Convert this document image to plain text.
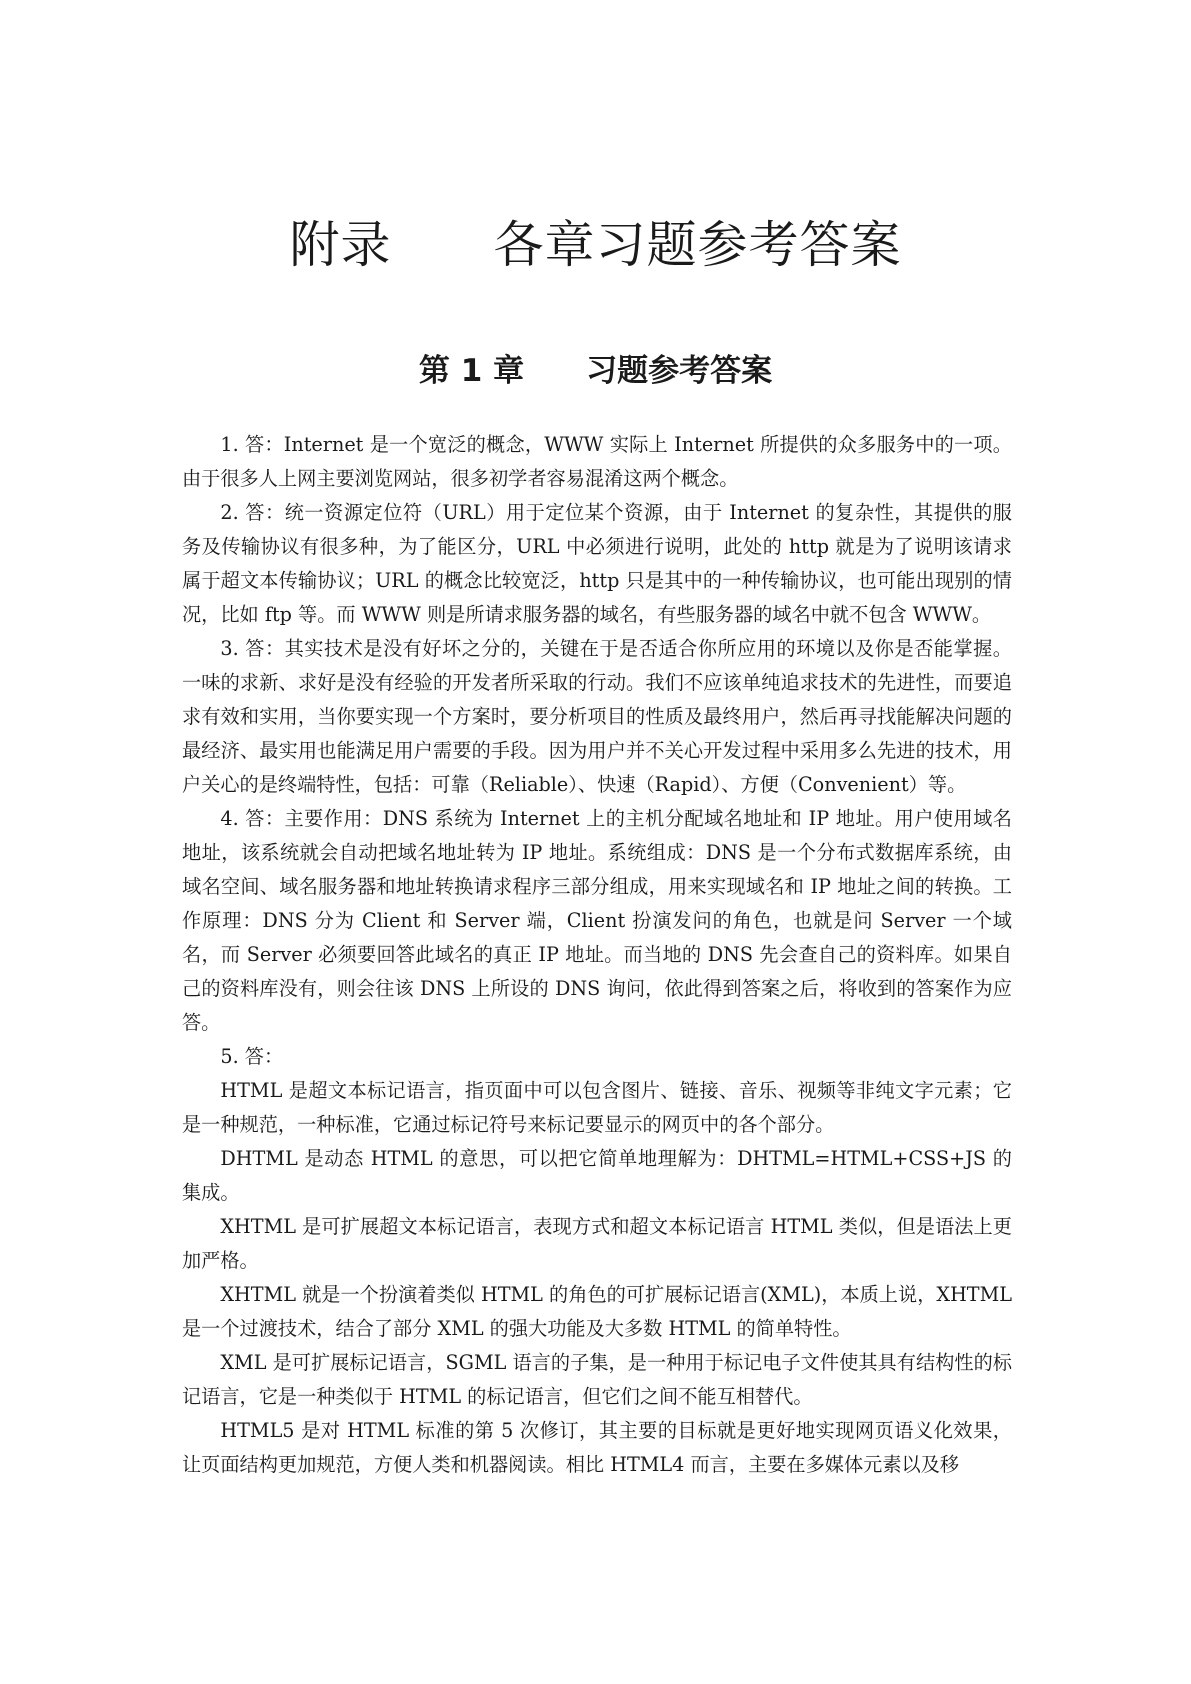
附录　　各章习题参考答案
第 1 章　　习题参考答案

1. 答：Internet 是一个宽泛的概念，WWW 实际上 Internet 所提供的众多服务中的一项。由于很多人上网主要浏览网站，很多初学者容易混淆这两个概念。

2. 答：统一资源定位符（URL）用于定位某个资源，由于 Internet 的复杂性，其提供的服务及传输协议有很多种，为了能区分，URL 中必须进行说明，此处的 http 就是为了说明该请求属于超文本传输协议；URL 的概念比较宽泛，http 只是其中的一种传输协议，也可能出现别的情况，比如 ftp 等。而 WWW 则是所请求服务器的域名，有些服务器的域名中就不包含 WWW。

3. 答：其实技术是没有好坏之分的，关键在于是否适合你所应用的环境以及你是否能掌握。一味的求新、求好是没有经验的开发者所采取的行动。我们不应该单纯追求技术的先进性，而要追求有效和实用，当你要实现一个方案时，要分析项目的性质及最终用户，然后再寻找能解决问题的最经济、最实用也能满足用户需要的手段。因为用户并不关心开发过程中采用多么先进的技术，用户关心的是终端特性，包括：可靠（Reliable）、快速（Rapid）、方便（Convenient）等。

4. 答：主要作用：DNS 系统为 Internet 上的主机分配域名地址和 IP 地址。用户使用域名地址，该系统就会自动把域名地址转为 IP 地址。系统组成：DNS 是一个分布式数据库系统，由域名空间、域名服务器和地址转换请求程序三部分组成，用来实现域名和 IP 地址之间的转换。工作原理：DNS 分为 Client 和 Server 端，Client 扮演发问的角色，也就是问 Server 一个域名，而 Server 必须要回答此域名的真正 IP 地址。而当地的 DNS 先会查自己的资料库。如果自己的资料库没有，则会往该 DNS 上所设的 DNS 询问，依此得到答案之后，将收到的答案作为应答。

5. 答：

HTML 是超文本标记语言，指页面中可以包含图片、链接、音乐、视频等非纯文字元素；它是一种规范，一种标准，它通过标记符号来标记要显示的网页中的各个部分。

DHTML 是动态 HTML 的意思，可以把它简单地理解为：DHTML=HTML+CSS+JS 的集成。

XHTML 是可扩展超文本标记语言，表现方式和超文本标记语言 HTML 类似，但是语法上更加严格。

XHTML 就是一个扮演着类似 HTML 的角色的可扩展标记语言(XML)，本质上说，XHTML 是一个过渡技术，结合了部分 XML 的强大功能及大多数 HTML 的简单特性。

XML 是可扩展标记语言，SGML 语言的子集，是一种用于标记电子文件使其具有结构性的标记语言，它是一种类似于 HTML 的标记语言，但它们之间不能互相替代。

HTML5 是对 HTML 标准的第 5 次修订，其主要的目标就是更好地实现网页语义化效果，让页面结构更加规范，方便人类和机器阅读。相比 HTML4 而言，主要在多媒体元素以及移
